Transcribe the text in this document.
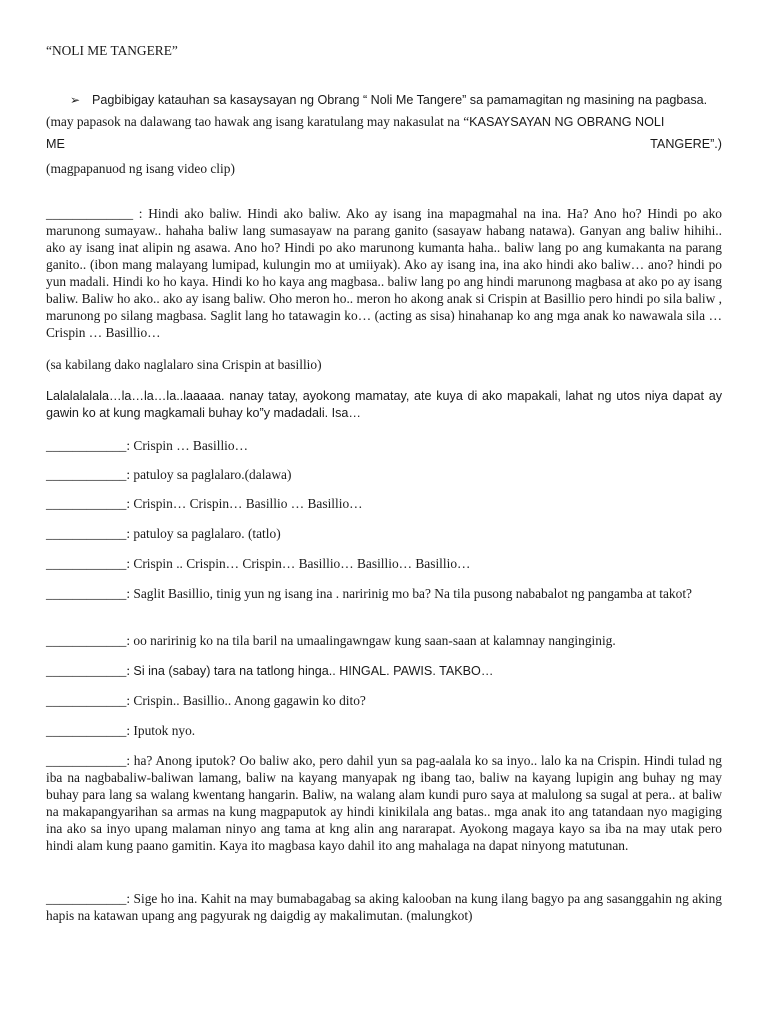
“NOLI ME TANGERE”
➢ Pagbibigay katauhan sa kasaysayan ng Obrang “ Noli Me Tangere” sa pamamagitan ng masining na pagbasa.
(may papasok na dalawang tao hawak ang isang karatulang may nakasulat na “KASAYSAYAN NG OBRANG NOLI
ME	TANGERE”.)
(magpapanuod ng isang video clip)
_____________ : Hindi ako baliw. Hindi ako baliw. Ako ay isang ina mapagmahal na ina. Ha? Ano ho? Hindi po ako marunong sumayaw.. hahaha baliw lang sumasayaw na parang ganito (sasayaw habang natawa). Ganyan ang baliw hihihi.. ako ay isang inat alipin ng asawa. Ano ho? Hindi po ako marunong kumanta haha.. baliw lang po ang kumakanta na parang ganito.. (ibon mang malayang lumipad, kulungin mo at umiiyak). Ako ay isang ina, ina ako hindi ako baliw… ano? hindi po yun madali. Hindi ko ho kaya. Hindi ko ho kaya ang magbasa.. baliw lang po ang hindi marunong magbasa at ako po ay isang baliw. Baliw ho ako.. ako ay isang baliw. Oho meron ho.. meron ho akong anak si Crispin at Basillio pero hindi po sila baliw , marunong po silang magbasa. Saglit lang ho tatawagin ko… (acting as sisa) hinahanap ko ang mga anak ko nawawala sila … Crispin … Basillio…
(sa kabilang dako naglalaro sina Crispin at basillio)
Lalalalalala…la…la…la..laaaaa. nanay tatay, ayokong mamatay, ate kuya di ako mapakali, lahat ng utos niya dapat ay gawin ko at kung magkamali buhay ko”y madadali. Isa…
____________: Crispin … Basillio…
____________: patuloy sa paglalaro.(dalawa)
____________: Crispin… Crispin… Basillio … Basillio…
____________: patuloy sa paglalaro. (tatlo)
____________: Crispin .. Crispin… Crispin… Basillio… Basillio… Basillio…
____________: Saglit Basillio, tinig yun ng isang ina . naririnig mo ba? Na tila pusong nababalot ng pangamba at takot?
____________: oo naririnig ko na tila baril na umaalingawngaw kung saan-saan at kalamnay nanginginig.
____________: Si ina (sabay) tara na tatlong hinga.. HINGAL. PAWIS. TAKBO…
____________: Crispin.. Basillio.. Anong gagawin ko dito?
____________: Iputok nyo.
____________: ha? Anong iputok? Oo baliw ako, pero dahil yun sa pag-aalala ko sa inyo.. lalo ka na Crispin. Hindi tulad ng iba na nagbabaliw-baliwan lamang, baliw na kayang manyapak ng ibang tao, baliw na kayang lupigin ang buhay ng may buhay para lang sa walang kwentang hangarin. Baliw, na walang alam kundi puro saya at malulong sa sugal at pera.. at baliw na makapangyarihan sa armas na kung magpaputok ay hindi kinikilala ang batas.. mga anak ito ang tatandaan nyo magiging ina ako sa inyo upang malaman ninyo ang tama at kng alin ang nararapat. Ayokong magaya kayo sa iba na may utak pero hindi alam kung paano gamitin. Kaya ito magbasa kayo dahil ito ang mahalaga na dapat ninyong matutunan.
____________: Sige ho ina. Kahit na may bumabagabag sa aking kalooban na kung ilang bagyo pa ang sasanggahin ng aking hapis na katawan upang ang pagyurak ng daigdig ay makalimutan. (malungkot)
